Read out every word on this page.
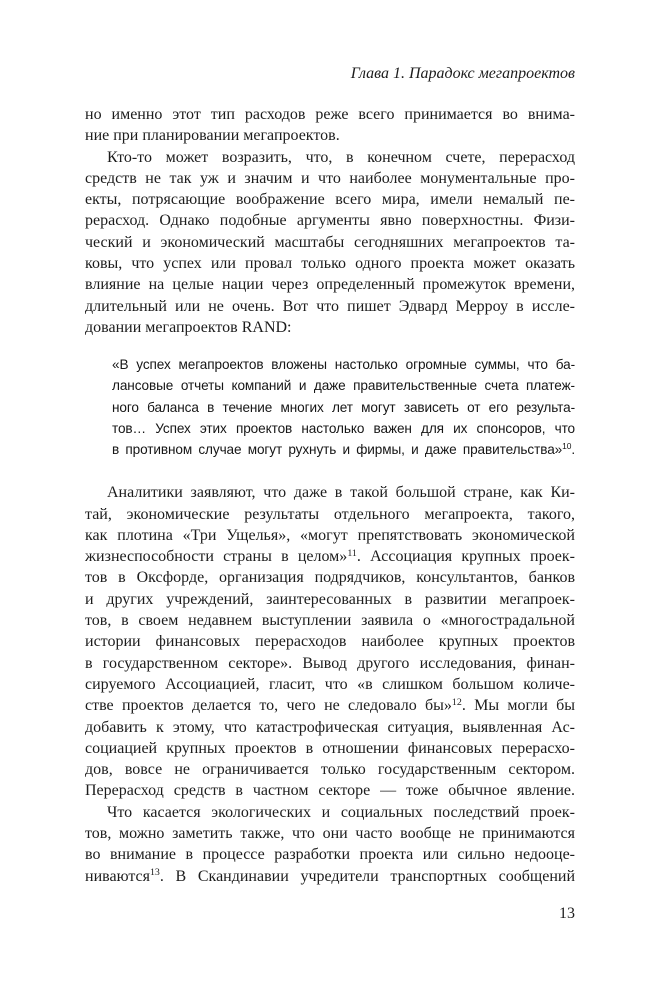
Глава 1. Парадокс мегапроектов
но именно этот тип расходов реже всего принимается во внима-
ние при планировании мегапроектов.
Кто-то может возразить, что, в конечном счете, перерасход
средств не так уж и значим и что наиболее монументальные про-
екты, потрясающие воображение всего мира, имели немалый пе-
рерасход. Однако подобные аргументы явно поверхностны. Физи-
ческий и экономический масштабы сегодняшних мегапроектов та-
ковы, что успех или провал только одного проекта может оказать
влияние на целые нации через определенный промежуток времени,
длительный или не очень. Вот что пишет Эдвард Мерроу в иссле-
довании мегапроектов RAND:
«В успех мегапроектов вложены настолько огромные суммы, что ба-
лансовые отчеты компаний и даже правительственные счета платеж-
ного баланса в течение многих лет могут зависеть от его результа-
тов… Успех этих проектов настолько важен для их спонсоров, что
в противном случае могут рухнуть и фирмы, и даже правительства»$^{10}$.
Аналитики заявляют, что даже в такой большой стране, как Ки-
тай, экономические результаты отдельного мегапроекта, такого,
как плотина «Три Ущелья», «могут препятствовать экономической
жизнеспособности страны в целом»$^{11}$. Ассоциация крупных проек-
тов в Оксфорде, организация подрядчиков, консультантов, банков
и других учреждений, заинтересованных в развитии мегапроек-
тов, в своем недавнем выступлении заявила о «многострадальной
истории финансовых перерасходов наиболее крупных проектов
в государственном секторе». Вывод другого исследования, финан-
сируемого Ассоциацией, гласит, что «в слишком большом количе-
стве проектов делается то, чего не следовало бы»$^{12}$. Мы могли бы
добавить к этому, что катастрофическая ситуация, выявленная Ас-
социацией крупных проектов в отношении финансовых перерасхо-
дов, вовсе не ограничивается только государственным сектором.
Перерасход средств в частном секторе — тоже обычное явление.
Что касается экологических и социальных последствий проек-
тов, можно заметить также, что они часто вообще не принимаются
во внимание в процессе разработки проекта или сильно недооце-
ниваются$^{13}$. В Скандинавии учредители транспортных сообщений
13
